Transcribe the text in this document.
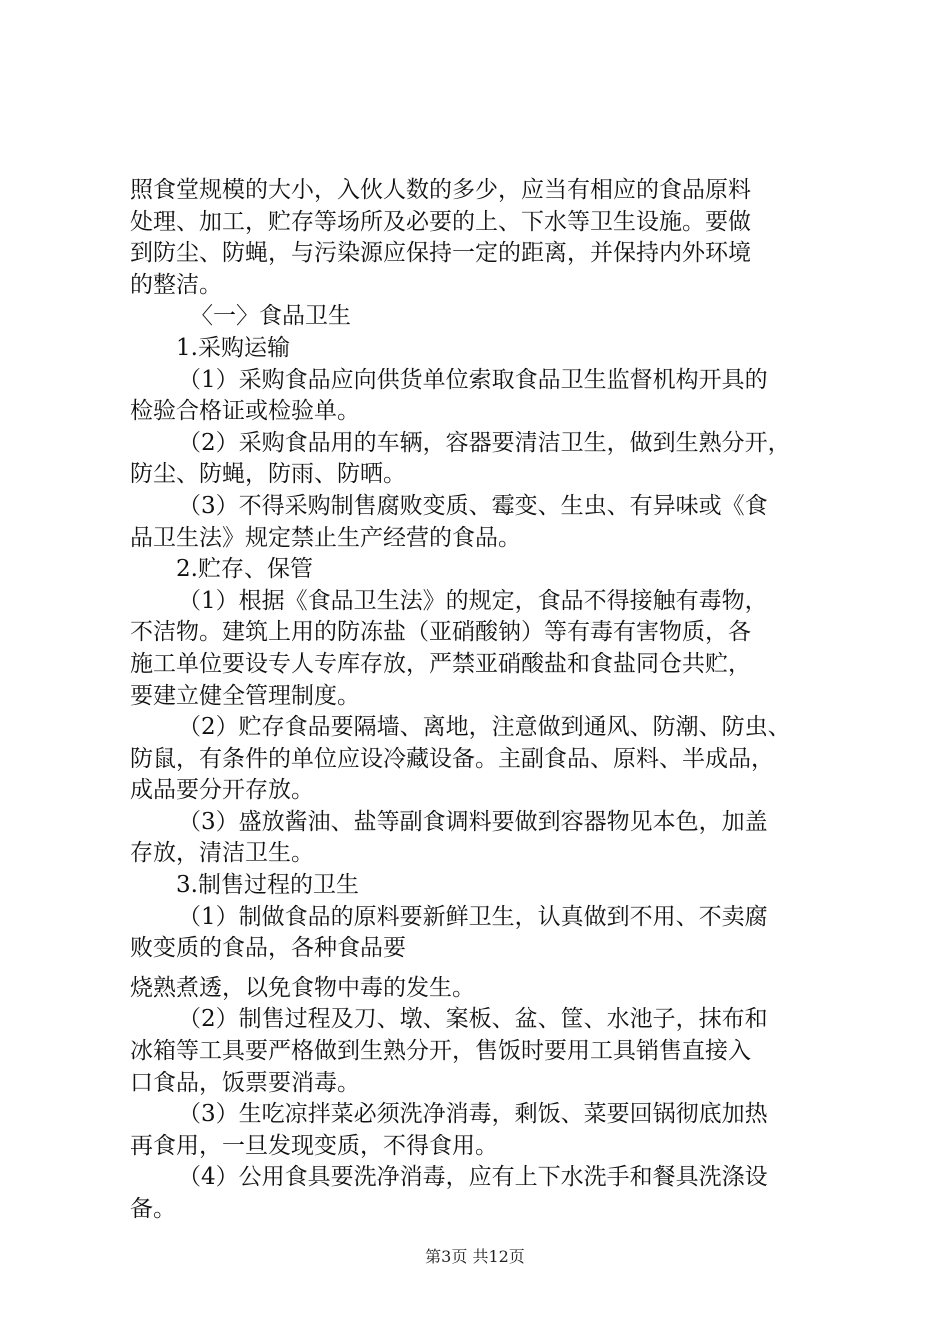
照食堂规模的大小，入伙人数的多少，应当有相应的食品原料

处理、加工，贮存等场所及必要的上、下水等卫生设施。要做

到防尘、防蝇，与污染源应保持一定的距离，并保持内外环境

的整洁。

〈一〉食品卫生

1.采购运输

（1）采购食品应向供货单位索取食品卫生监督机构开具的

检验合格证或检验单。

（2）采购食品用的车辆，容器要清洁卫生，做到生熟分开，

防尘、防蝇，防雨、防晒。

（3）不得采购制售腐败变质、霉变、生虫、有异味或《食

品卫生法》规定禁止生产经营的食品。

2.贮存、保管

（1）根据《食品卫生法》的规定，食品不得接触有毒物，

不洁物。建筑上用的防冻盐（亚硝酸钠）等有毒有害物质，各

施工单位要设专人专库存放，严禁亚硝酸盐和食盐同仓共贮，

要建立健全管理制度。

（2）贮存食品要隔墙、离地，注意做到通风、防潮、防虫、

防鼠，有条件的单位应设冷藏设备。主副食品、原料、半成品，

成品要分开存放。

（3）盛放酱油、盐等副食调料要做到容器物见本色，加盖

存放，清洁卫生。

3.制售过程的卫生

（1）制做食品的原料要新鲜卫生，认真做到不用、不卖腐

败变质的食品，各种食品要

烧熟煮透，以免食物中毒的发生。

（2）制售过程及刀、墩、案板、盆、筐、水池子，抹布和

冰箱等工具要严格做到生熟分开，售饭时要用工具销售直接入

口食品，饭票要消毒。

（3）生吃凉拌菜必须洗净消毒，剩饭、菜要回锅彻底加热

再食用，一旦发现变质，不得食用。

（4）公用食具要洗净消毒，应有上下水洗手和餐具洗涤设

备。

第3页 共12页
